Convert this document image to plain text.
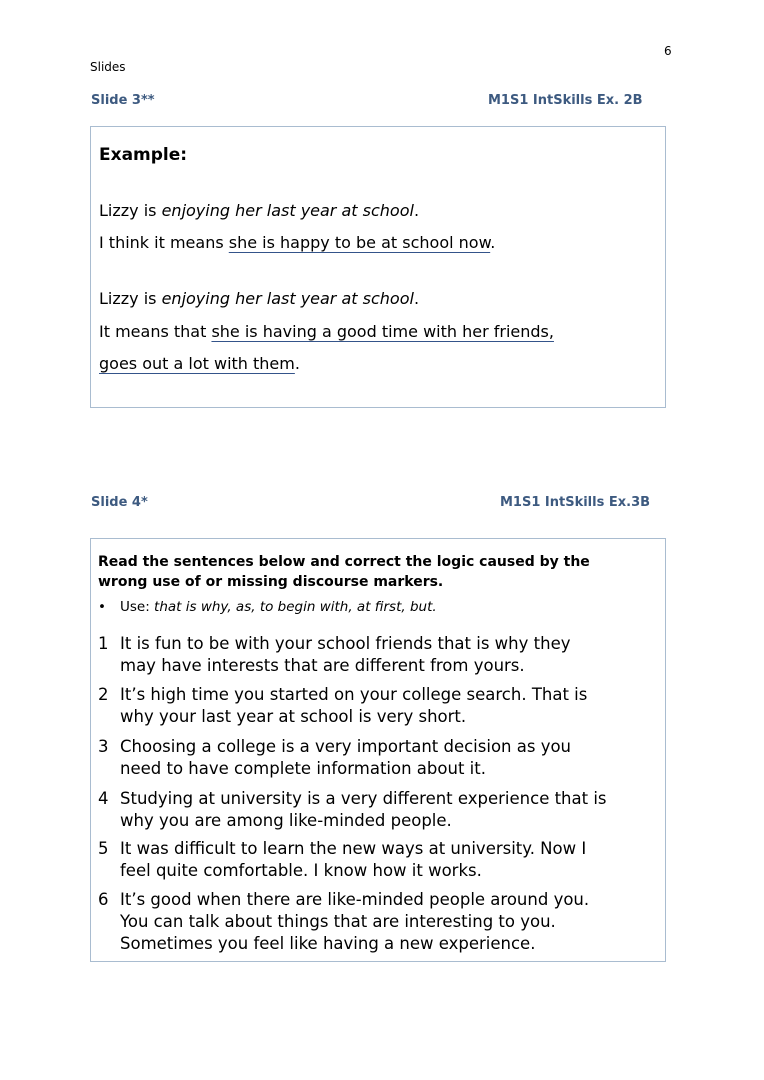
6
Slides
Slide 3**	M1S1 IntSkills Ex. 2B
Example:
Lizzy is enjoying her last year at school.
I think it means she is happy to be at school now.
Lizzy is enjoying her last year at school.
It means that she is having a good time with her friends,
goes out a lot with them.
Slide 4*	M1S1 IntSkills Ex.3B
Read the sentences below and correct the logic caused by the
wrong use of or missing discourse markers.
• Use: that is why, as, to begin with, at first, but.
1 It is fun to be with your school friends that is why they
may have interests that are different from yours.
2 It’s high time you started on your college search. That is
why your last year at school is very short.
3 Choosing a college is a very important decision as you
need to have complete information about it.
4 Studying at university is a very different experience that is
why you are among like-minded people.
5 It was difficult to learn the new ways at university. Now I
feel quite comfortable. I know how it works.
6 It’s good when there are like-minded people around you.
You can talk about things that are interesting to you.
Sometimes you feel like having a new experience.
